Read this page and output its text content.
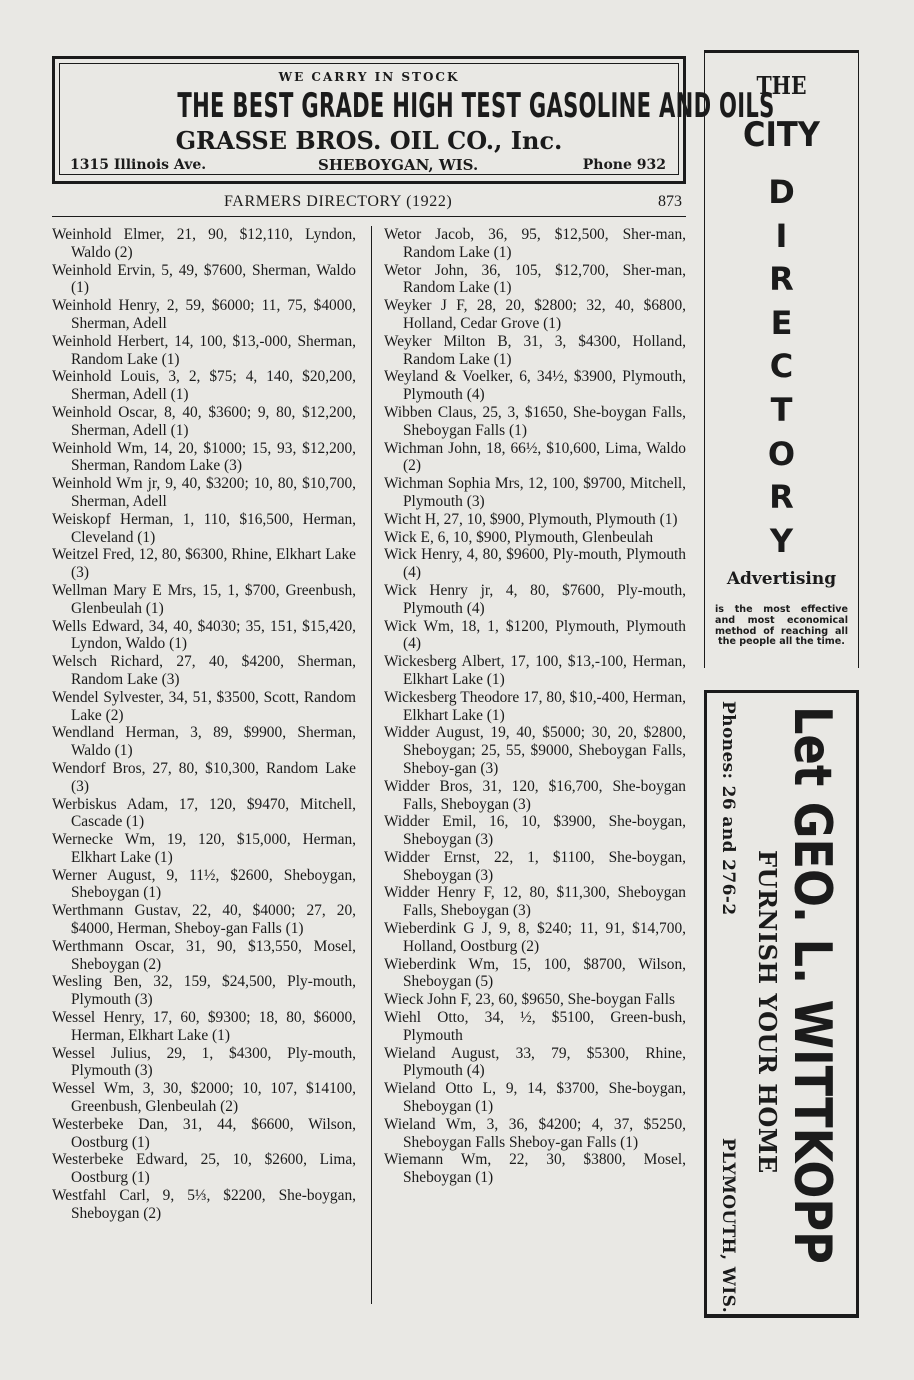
WE CARRY IN STOCK
THE BEST GRADE HIGH TEST GASOLINE AND OILS
GRASSE BROS. OIL CO., Inc.
1315 Illinois Ave.	SHEBOYGAN, WIS.	Phone 932
FARMERS DIRECTORY (1922)	873

Weinhold Elmer, 21, 90, $12,110, Lyndon, Waldo (2)

Weinhold Ervin, 5, 49, $7600, Sherman, Waldo (1)

Weinhold Henry, 2, 59, $6000; 11, 75, $4000, Sherman, Adell

Weinhold Herbert, 14, 100, $13,-000, Sherman, Random Lake (1)

Weinhold Louis, 3, 2, $75; 4, 140, $20,200, Sherman, Adell (1)

Weinhold Oscar, 8, 40, $3600; 9, 80, $12,200, Sherman, Adell (1)

Weinhold Wm, 14, 20, $1000; 15, 93, $12,200, Sherman, Random Lake (3)

Weinhold Wm jr, 9, 40, $3200; 10, 80, $10,700, Sherman, Adell

Weiskopf Herman, 1, 110, $16,500, Herman, Cleveland (1)

Weitzel Fred, 12, 80, $6300, Rhine, Elkhart Lake (3)

Wellman Mary E Mrs, 15, 1, $700, Greenbush, Glenbeulah (1)

Wells Edward, 34, 40, $4030; 35, 151, $15,420, Lyndon, Waldo (1)

Welsch Richard, 27, 40, $4200, Sherman, Random Lake (3)

Wendel Sylvester, 34, 51, $3500, Scott, Random Lake (2)

Wendland Herman, 3, 89, $9900, Sherman, Waldo (1)

Wendorf Bros, 27, 80, $10,300, Random Lake (3)

Werbiskus Adam, 17, 120, $9470, Mitchell, Cascade (1)

Wernecke Wm, 19, 120, $15,000, Herman, Elkhart Lake (1)

Werner August, 9, 11½, $2600, Sheboygan, Sheboygan (1)

Werthmann Gustav, 22, 40, $4000; 27, 20, $4000, Herman, Sheboy-gan Falls (1)

Werthmann Oscar, 31, 90, $13,550, Mosel, Sheboygan (2)

Wesling Ben, 32, 159, $24,500, Ply-mouth, Plymouth (3)

Wessel Henry, 17, 60, $9300; 18, 80, $6000, Herman, Elkhart Lake (1)

Wessel Julius, 29, 1, $4300, Ply-mouth, Plymouth (3)

Wessel Wm, 3, 30, $2000; 10, 107, $14100, Greenbush, Glenbeulah (2)

Westerbeke Dan, 31, 44, $6600, Wilson, Oostburg (1)

Westerbeke Edward, 25, 10, $2600, Lima, Oostburg (1)

Westfahl Carl, 9, 5⅓, $2200, She-boygan, Sheboygan (2)

Wetor Jacob, 36, 95, $12,500, Sher-man, Random Lake (1)

Wetor John, 36, 105, $12,700, Sher-man, Random Lake (1)

Weyker J F, 28, 20, $2800; 32, 40, $6800, Holland, Cedar Grove (1)

Weyker Milton B, 31, 3, $4300, Holland, Random Lake (1)

Weyland & Voelker, 6, 34½, $3900, Plymouth, Plymouth (4)

Wibben Claus, 25, 3, $1650, She-boygan Falls, Sheboygan Falls (1)

Wichman John, 18, 66½, $10,600, Lima, Waldo (2)

Wichman Sophia Mrs, 12, 100, $9700, Mitchell, Plymouth (3)

Wicht H, 27, 10, $900, Plymouth, Plymouth (1)

Wick E, 6, 10, $900, Plymouth, Glenbeulah

Wick Henry, 4, 80, $9600, Ply-mouth, Plymouth (4)

Wick Henry jr, 4, 80, $7600, Ply-mouth, Plymouth (4)

Wick Wm, 18, 1, $1200, Plymouth, Plymouth (4)

Wickesberg Albert, 17, 100, $13,-100, Herman, Elkhart Lake (1)

Wickesberg Theodore 17, 80, $10,-400, Herman, Elkhart Lake (1)

Widder August, 19, 40, $5000; 30, 20, $2800, Sheboygan; 25, 55, $9000, Sheboygan Falls, Sheboy-gan (3)

Widder Bros, 31, 120, $16,700, She-boygan Falls, Sheboygan (3)

Widder Emil, 16, 10, $3900, She-boygan, Sheboygan (3)

Widder Ernst, 22, 1, $1100, She-boygan, Sheboygan (3)

Widder Henry F, 12, 80, $11,300, Sheboygan Falls, Sheboygan (3)

Wieberdink G J, 9, 8, $240; 11, 91, $14,700, Holland, Oostburg (2)

Wieberdink Wm, 15, 100, $8700, Wilson, Sheboygan (5)

Wieck John F, 23, 60, $9650, She-boygan Falls

Wiehl Otto, 34, ½, $5100, Green-bush, Plymouth

Wieland August, 33, 79, $5300, Rhine, Plymouth (4)

Wieland Otto L, 9, 14, $3700, She-boygan, Sheboygan (1)

Wieland Wm, 3, 36, $4200; 4, 37, $5250, Sheboygan Falls Sheboy-gan Falls (1)

Wiemann Wm, 22, 30, $3800, Mosel, Sheboygan (1)

THE
CITY
D
I
R
E
C
T
O
R
Y
Advertising
is the most effective and most economical method of reaching all the people all the time.
Phones: 26 and 276-2
PLYMOUTH, WIS.
FURNISH YOUR HOME Let GEO. L. WITTKOPP
